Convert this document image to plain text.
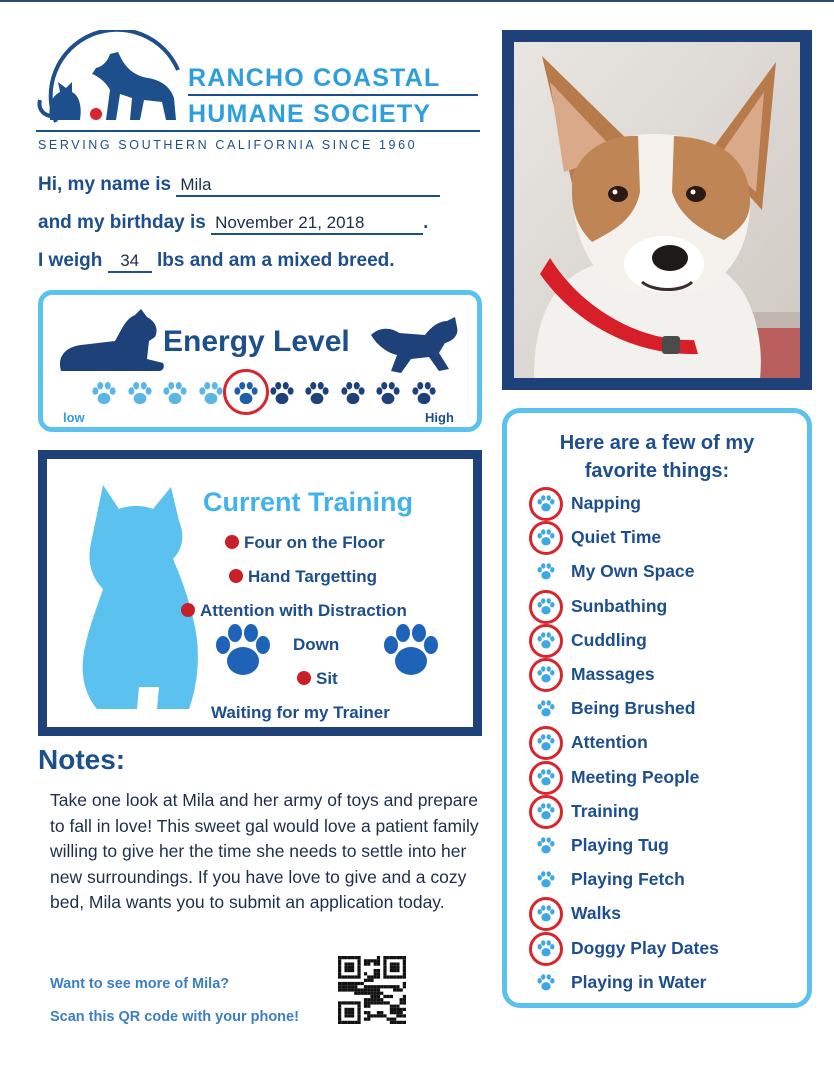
RANCHO COASTAL
HUMANE SOCIETY
SERVING SOUTHERN CALIFORNIA SINCE 1960
Hi, my name is Mila
and my birthday is November 21, 2018	.
I weigh 34 lbs and am a mixed breed.
Energy Level
low	High
Current Training
Four on the Floor
Hand Targetting
Attention with Distraction
Down
Sit
Waiting for my Trainer
Notes:
Take one look at Mila and her army of toys and prepare to fall in love! This sweet gal would love a patient family willing to give her the time she needs to settle into her new surroundings. If you have love to give and a cozy bed, Mila wants you to submit an application today.
Want to see more of Mila?
Scan this QR code with your phone!
Here are a few of my
favorite things:
Napping
Quiet Time
My Own Space
Sunbathing
Cuddling
Massages
Being Brushed
Attention
Meeting People
Training
Playing Tug
Playing Fetch
Walks
Doggy Play Dates
Playing in Water
